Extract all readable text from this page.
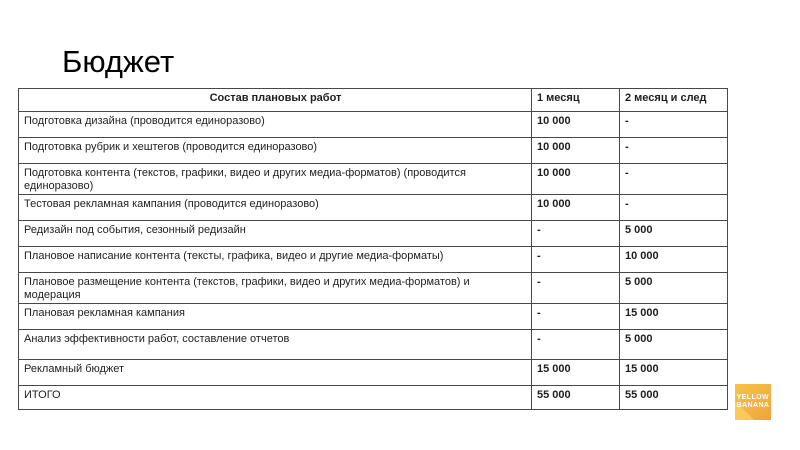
Бюджет
Состав плановых работ	1 месяц	2 месяц и след
Подготовка дизайна (проводится единоразово)	10 000	-
Подготовка рубрик и хештегов (проводится единоразово)	10 000	-
Подготовка контента (текстов, графики, видео и других медиа-форматов) (проводится единоразово)	10 000	-
Тестовая рекламная кампания (проводится единоразово)	10 000	-
Редизайн под события, сезонный редизайн	-	5 000
Плановое написание контента (тексты, графика, видео и другие медиа-форматы)	-	10 000
Плановое размещение контента (текстов, графики, видео и других медиа-форматов) и модерация	-	5 000
Плановая рекламная кампания	-	15 000
Анализ эффективности работ, составление отчетов	-	5 000
Рекламный бюджет	15 000	15 000
ИТОГО	55 000	55 000	YELLOW
BANANA
